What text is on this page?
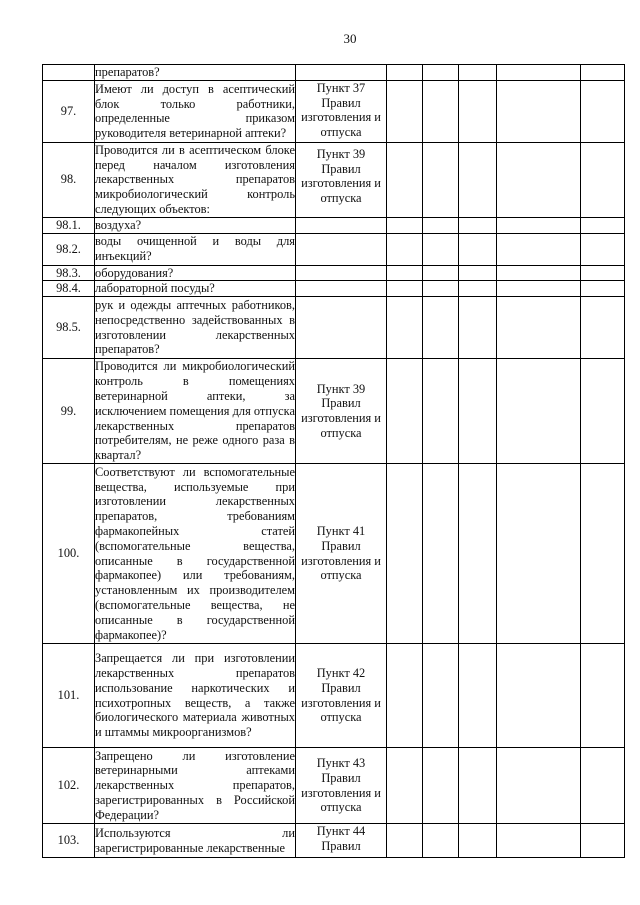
30
	препаратов?	

97.	Имеют ли доступ в асептический блок только работники, определенные приказом руководителя ветеринарной аптеки?	Пункт 37 Правил изготовления и отпуска					

98.	Проводится ли в асептическом блоке перед началом изготовления лекарственных препаратов микробиологический контроль следующих объектов:	Пункт 39 Правил изготовления и отпуска					

98.1.	воздуха?	

98.2.	воды очищенной и воды для инъекций?	

98.3.	оборудования?	

98.4.	лабораторной посуды?	

98.5.	рук и одежды аптечных работников, непосредственно задействованных в изготовлении лекарственных препаратов?	

99.	Проводится ли микробиологический контроль в помещениях ветеринарной аптеки, за исключением помещения для отпуска лекарственных препаратов потребителям, не реже одного раза в квартал?	Пункт 39 Правил изготовления и отпуска					

100.	Соответствуют ли вспомогательные вещества, используемые при изготовлении лекарственных препаратов, требованиям фармакопейных статей (вспомогательные вещества, описанные в государственной фармакопее) или требованиям, установленным их производителем (вспомогательные вещества, не описанные в государственной фармакопее)?	Пункт 41 Правил изготовления и отпуска					

101.	Запрещается ли при изготовлении лекарственных препаратов использование наркотических и психотропных веществ, а также биологического материала животных и штаммы микроорганизмов?	Пункт 42 Правил изготовления и отпуска					

102.	Запрещено ли изготовление ветеринарными аптеками лекарственных препаратов, зарегистрированных в Российской Федерации?	Пункт 43 Правил изготовления и отпуска					

103.	Используются ли зарегистрированные лекарственные	Пункт 44 Правил					
